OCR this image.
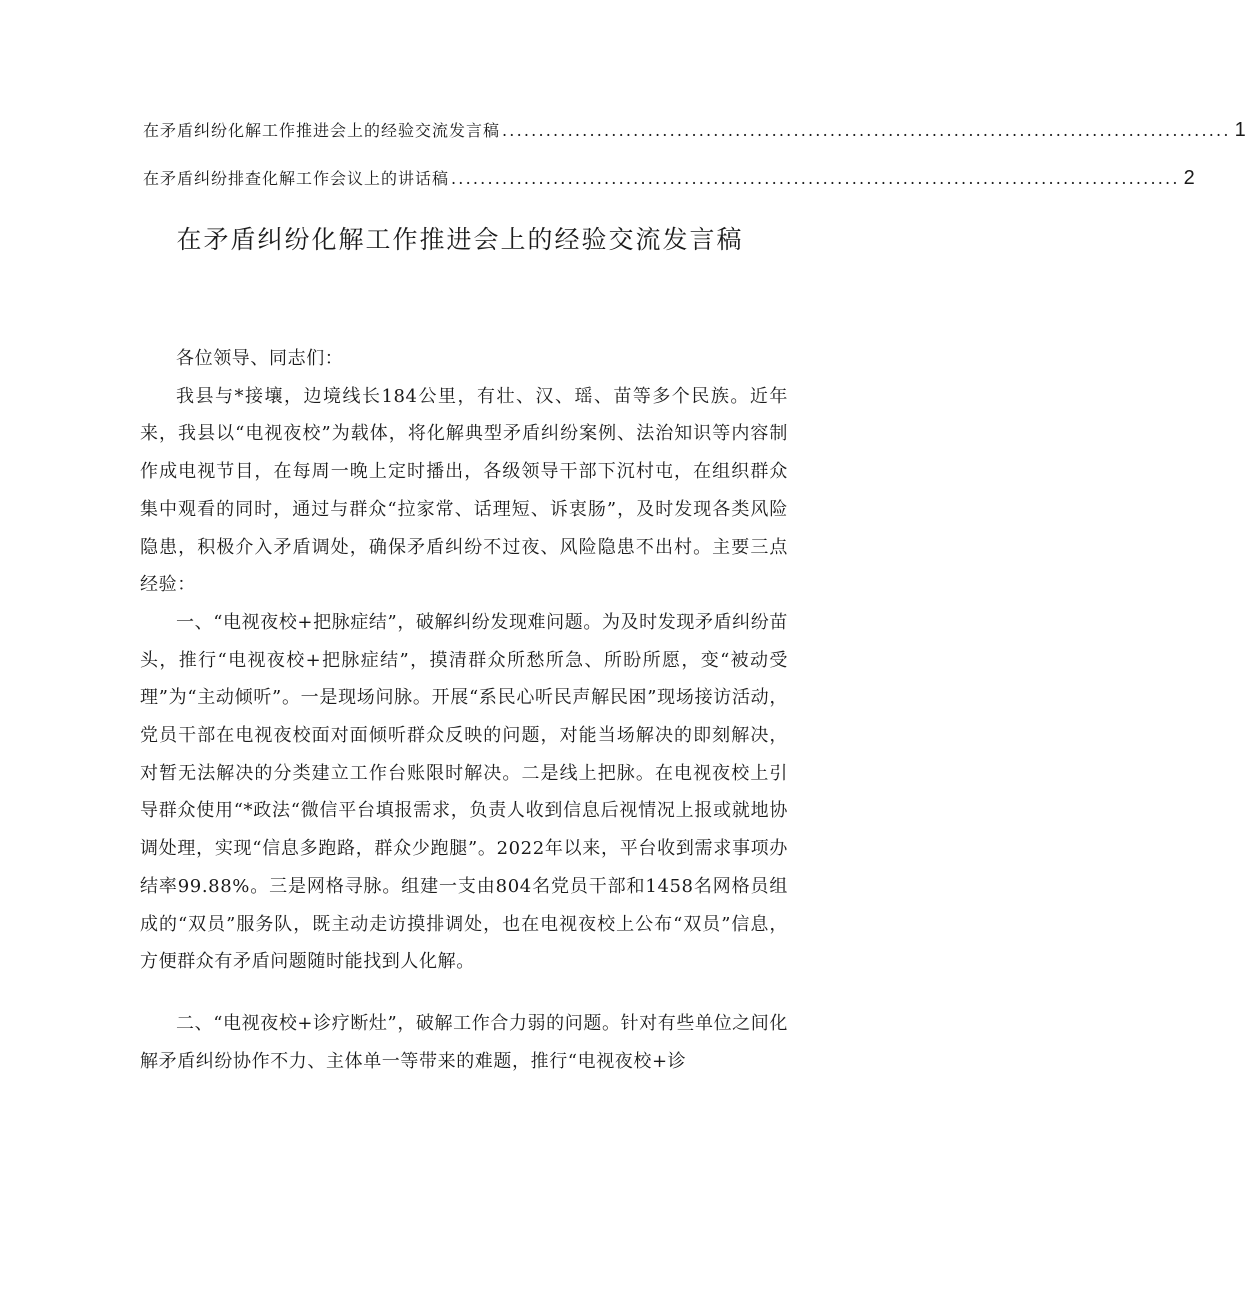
在矛盾纠纷化解工作推进会上的经验交流发言稿 .................................................................................................... 1
在矛盾纠纷排查化解工作会议上的讲话稿 .................................................................................................... 2
在矛盾纠纷化解工作推进会上的经验交流发言稿

各位领导、同志们：

我县与*接壤，边境线长184公里，有壮、汉、瑶、苗等多个民族。近年来，我县以“电视夜校”为载体，将化解典型矛盾纠纷案例、法治知识等内容制作成电视节目，在每周一晚上定时播出，各级领导干部下沉村屯，在组织群众集中观看的同时，通过与群众“拉家常、话理短、诉衷肠”，及时发现各类风险隐患，积极介入矛盾调处，确保矛盾纠纷不过夜、风险隐患不出村。主要三点经验：

一、“电视夜校+把脉症结”，破解纠纷发现难问题。为及时发现矛盾纠纷苗头，推行“电视夜校+把脉症结”，摸清群众所愁所急、所盼所愿，变“被动受理”为“主动倾听”。一是现场问脉。开展“系民心听民声解民困”现场接访活动，党员干部在电视夜校面对面倾听群众反映的问题，对能当场解决的即刻解决，对暂无法解决的分类建立工作台账限时解决。二是线上把脉。在电视夜校上引导群众使用“*政法“微信平台填报需求，负责人收到信息后视情况上报或就地协调处理，实现“信息多跑路，群众少跑腿”。2022年以来，平台收到需求事项办结率99.88%。三是网格寻脉。组建一支由804名党员干部和1458名网格员组成的“双员”服务队，既主动走访摸排调处，也在电视夜校上公布“双员”信息，方便群众有矛盾问题随时能找到人化解。

二、“电视夜校+诊疗断灶”，破解工作合力弱的问题。针对有些单位之间化解矛盾纠纷协作不力、主体单一等带来的难题，推行“电视夜校+诊
